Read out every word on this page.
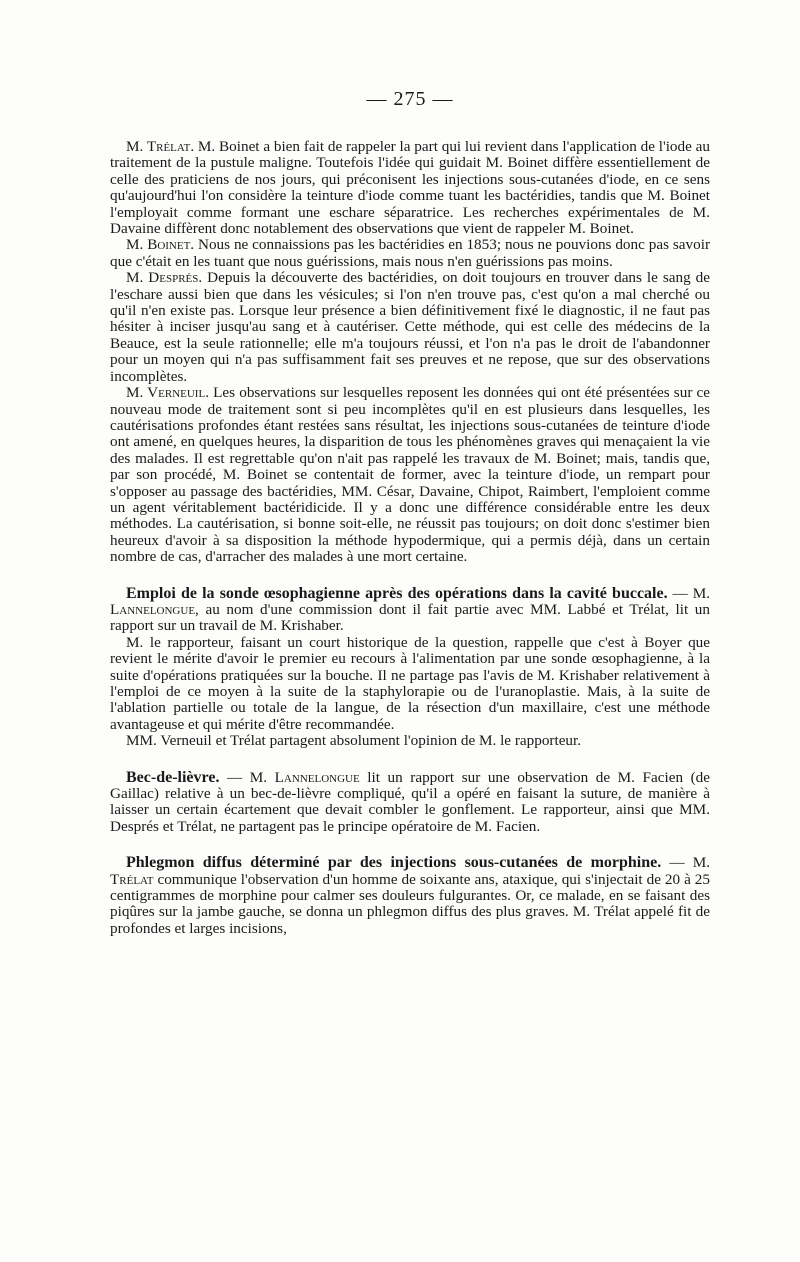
— 275 —

M. Trélat. M. Boinet a bien fait de rappeler la part qui lui revient dans l'application de l'iode au traitement de la pustule maligne. Toutefois l'idée qui guidait M. Boinet diffère essentiellement de celle des praticiens de nos jours, qui préconisent les injections sous-cutanées d'iode, en ce sens qu'aujourd'hui l'on considère la teinture d'iode comme tuant les bactéridies, tandis que M. Boinet l'employait comme formant une eschare séparatrice. Les recherches expérimentales de M. Davaine diffèrent donc notablement des observations que vient de rappeler M. Boinet.

M. Boinet. Nous ne connaissions pas les bactéridies en 1853; nous ne pouvions donc pas savoir que c'était en les tuant que nous guérissions, mais nous n'en guérissions pas moins.

M. Després. Depuis la découverte des bactéridies, on doit toujours en trouver dans le sang de l'eschare aussi bien que dans les vésicules; si l'on n'en trouve pas, c'est qu'on a mal cherché ou qu'il n'en existe pas. Lorsque leur présence a bien définitivement fixé le diagnostic, il ne faut pas hésiter à inciser jusqu'au sang et à cautériser. Cette méthode, qui est celle des médecins de la Beauce, est la seule rationnelle; elle m'a toujours réussi, et l'on n'a pas le droit de l'abandonner pour un moyen qui n'a pas suffisamment fait ses preuves et ne repose, que sur des observations incomplètes.

M. Verneuil. Les observations sur lesquelles reposent les données qui ont été présentées sur ce nouveau mode de traitement sont si peu incomplètes qu'il en est plusieurs dans lesquelles, les cautérisations profondes étant restées sans résultat, les injections sous-cutanées de teinture d'iode ont amené, en quelques heures, la disparition de tous les phénomènes graves qui menaçaient la vie des malades. Il est regrettable qu'on n'ait pas rappelé les travaux de M. Boinet; mais, tandis que, par son procédé, M. Boinet se contentait de former, avec la teinture d'iode, un rempart pour s'opposer au passage des bactéridies, MM. César, Davaine, Chipot, Raimbert, l'emploient comme un agent véritablement bactéridicide. Il y a donc une différence considérable entre les deux méthodes. La cautérisation, si bonne soit-elle, ne réussit pas toujours; on doit donc s'estimer bien heureux d'avoir à sa disposition la méthode hypodermique, qui a permis déjà, dans un certain nombre de cas, d'arracher des malades à une mort certaine.

Emploi de la sonde œsophagienne après des opérations dans la cavité buccale. — M. Lannelongue, au nom d'une commission dont il fait partie avec MM. Labbé et Trélat, lit un rapport sur un travail de M. Krishaber.

M. le rapporteur, faisant un court historique de la question, rappelle que c'est à Boyer que revient le mérite d'avoir le premier eu recours à l'alimentation par une sonde œsophagienne, à la suite d'opérations pratiquées sur la bouche. Il ne partage pas l'avis de M. Krishaber relativement à l'emploi de ce moyen à la suite de la staphylorapie ou de l'uranoplastie. Mais, à la suite de l'ablation partielle ou totale de la langue, de la résection d'un maxillaire, c'est une méthode avantageuse et qui mérite d'être recommandée.

MM. Verneuil et Trélat partagent absolument l'opinion de M. le rapporteur.

Bec-de-lièvre. — M. Lannelongue lit un rapport sur une observation de M. Facien (de Gaillac) relative à un bec-de-lièvre compliqué, qu'il a opéré en faisant la suture, de manière à laisser un certain écartement que devait combler le gonflement. Le rapporteur, ainsi que MM. Després et Trélat, ne partagent pas le principe opératoire de M. Facien.

Phlegmon diffus déterminé par des injections sous-cutanées de morphine. — M. Trélat communique l'observation d'un homme de soixante ans, ataxique, qui s'injectait de 20 à 25 centigrammes de morphine pour calmer ses douleurs fulgurantes. Or, ce malade, en se faisant des piqûres sur la jambe gauche, se donna un phlegmon diffus des plus graves. M. Trélat appelé fit de profondes et larges incisions,
